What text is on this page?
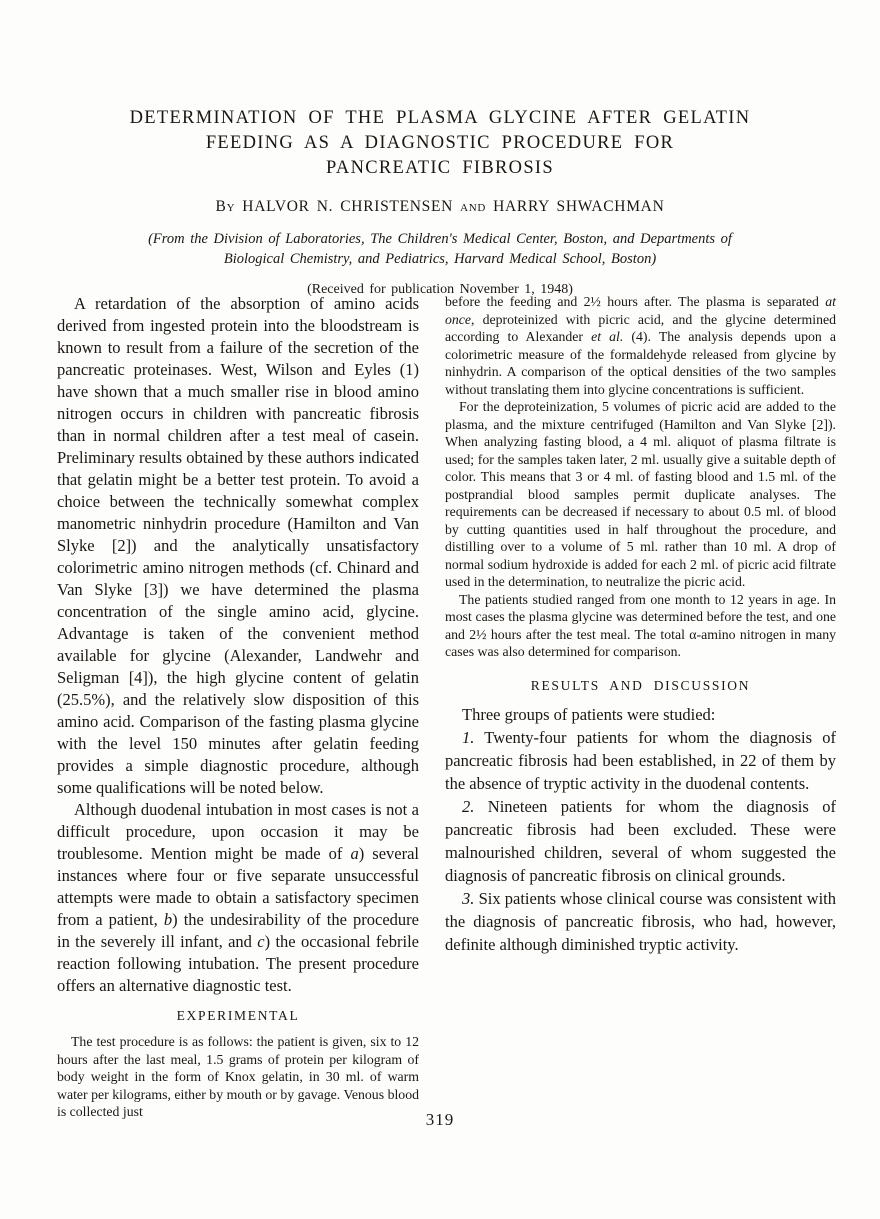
DETERMINATION OF THE PLASMA GLYCINE AFTER GELATIN
FEEDING AS A DIAGNOSTIC PROCEDURE FOR
PANCREATIC FIBROSIS
By HALVOR N. CHRISTENSEN and HARRY SHWACHMAN
(From the Division of Laboratories, The Children's Medical Center, Boston, and Departments of Biological Chemistry, and Pediatrics, Harvard Medical School, Boston)
(Received for publication November 1, 1948)

A retardation of the absorption of amino acids derived from ingested protein into the bloodstream is known to result from a failure of the secretion of the pancreatic proteinases. West, Wilson and Eyles (1) have shown that a much smaller rise in blood amino nitrogen occurs in children with pancreatic fibrosis than in normal children after a test meal of casein. Preliminary results obtained by these authors indicated that gelatin might be a better test protein. To avoid a choice between the technically somewhat complex manometric ninhydrin procedure (Hamilton and Van Slyke [2]) and the analytically unsatisfactory colorimetric amino nitrogen methods (cf. Chinard and Van Slyke [3]) we have determined the plasma concentration of the single amino acid, glycine. Advantage is taken of the convenient method available for glycine (Alexander, Landwehr and Seligman [4]), the high glycine content of gelatin (25.5%), and the relatively slow disposition of this amino acid. Comparison of the fasting plasma glycine with the level 150 minutes after gelatin feeding provides a simple diagnostic procedure, although some qualifications will be noted below.

Although duodenal intubation in most cases is not a difficult procedure, upon occasion it may be troublesome. Mention might be made of a) several instances where four or five separate unsuccessful attempts were made to obtain a satisfactory specimen from a patient, b) the undesirability of the procedure in the severely ill infant, and c) the occasional febrile reaction following intubation. The present procedure offers an alternative diagnostic test.

EXPERIMENTAL

The test procedure is as follows: the patient is given, six to 12 hours after the last meal, 1.5 grams of protein per kilogram of body weight in the form of Knox gelatin, in 30 ml. of warm water per kilograms, either by mouth or by gavage. Venous blood is collected just

before the feeding and 2½ hours after. The plasma is separated at once, deproteinized with picric acid, and the glycine determined according to Alexander et al. (4). The analysis depends upon a colorimetric measure of the formaldehyde released from glycine by ninhydrin. A comparison of the optical densities of the two samples without translating them into glycine concentrations is sufficient.

For the deproteinization, 5 volumes of picric acid are added to the plasma, and the mixture centrifuged (Hamilton and Van Slyke [2]). When analyzing fasting blood, a 4 ml. aliquot of plasma filtrate is used; for the samples taken later, 2 ml. usually give a suitable depth of color. This means that 3 or 4 ml. of fasting blood and 1.5 ml. of the postprandial blood samples permit duplicate analyses. The requirements can be decreased if necessary to about 0.5 ml. of blood by cutting quantities used in half throughout the procedure, and distilling over to a volume of 5 ml. rather than 10 ml. A drop of normal sodium hydroxide is added for each 2 ml. of picric acid filtrate used in the determination, to neutralize the picric acid.

The patients studied ranged from one month to 12 years in age. In most cases the plasma glycine was determined before the test, and one and 2½ hours after the test meal. The total α-amino nitrogen in many cases was also determined for comparison.

RESULTS AND DISCUSSION

Three groups of patients were studied:

1. Twenty-four patients for whom the diagnosis of pancreatic fibrosis had been established, in 22 of them by the absence of tryptic activity in the duodenal contents.

2. Nineteen patients for whom the diagnosis of pancreatic fibrosis had been excluded. These were malnourished children, several of whom suggested the diagnosis of pancreatic fibrosis on clinical grounds.

3. Six patients whose clinical course was consistent with the diagnosis of pancreatic fibrosis, who had, however, definite although diminished tryptic activity.

319
